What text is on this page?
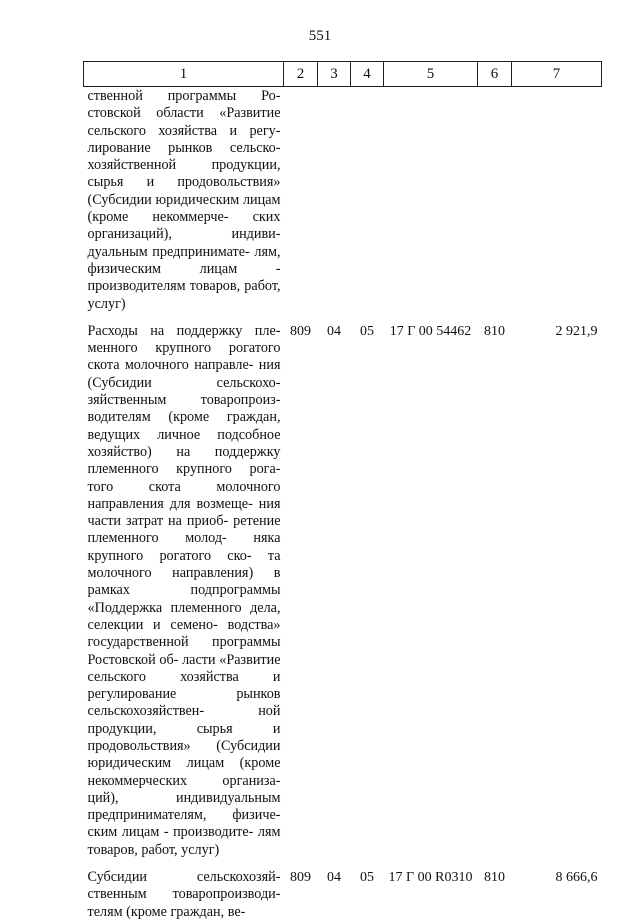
551
1	2	3	4	5	6	7
ственной программы Ро- стовской области «Развитие сельского хозяйства и регу- лирование рынков сельско- хозяйственной продукции, сырья и продовольствия» (Субсидии юридическим лицам (кроме некоммерче- ских организаций), индиви- дуальным предпринимате- лям, физическим лицам - производителям товаров, работ, услуг)						

Расходы на поддержку пле- менного крупного рогатого скота молочного направле- ния (Субсидии сельскохо- зяйственным товаропроиз- водителям (кроме граждан, ведущих личное подсобное хозяйство) на поддержку племенного крупного рога- того скота молочного направления для возмеще- ния части затрат на приоб- ретение племенного молод- няка крупного рогатого ско- та молочного направления) в рамках подпрограммы «Поддержка племенного дела, селекции и семено- водства» государственной программы Ростовской об- ласти «Развитие сельского хозяйства и регулирование рынков сельскохозяйствен- ной продукции, сырья и продовольствия» (Субсидии юридическим лицам (кроме некоммерческих организа- ций), индивидуальным предпринимателям, физиче- ским лицам - производите- лям товаров, работ, услуг)	809	04	05	17 Г 00 54462	810	2 921,9

Субсидии сельскохозяй- ственным товаропроизводи- телям (кроме граждан, ве-	809	04	05	17 Г 00 R0310	810	8 666,6
